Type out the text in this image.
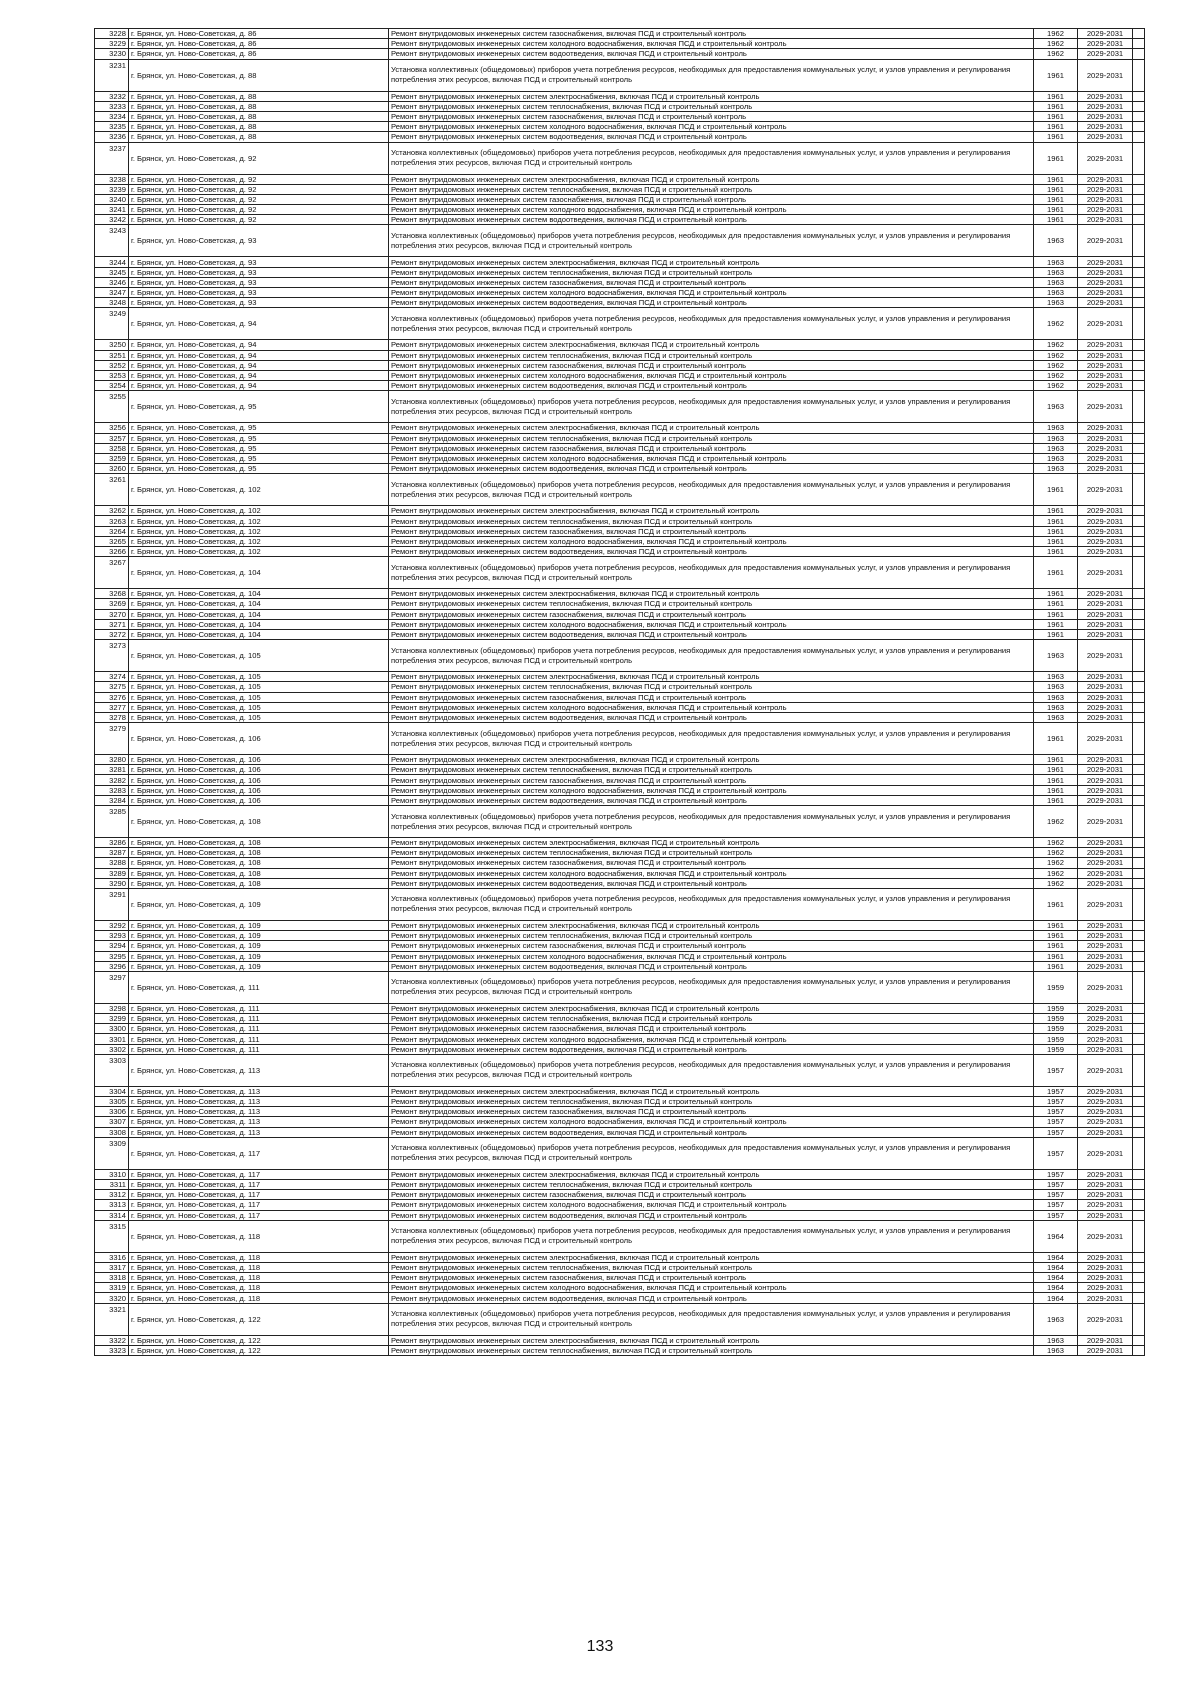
3228	г. Брянск, ул. Ново-Советская, д. 86	Ремонт внутридомовых инженерных систем газоснабжения, включая ПСД и строительный контроль	1962	2029-2031	
3229	г. Брянск, ул. Ново-Советская, д. 86	Ремонт внутридомовых инженерных систем холодного водоснабжения, включая ПСД и строительный контроль	1962	2029-2031	
3230	г. Брянск, ул. Ново-Советская, д. 86	Ремонт внутридомовых инженерных систем водоотведения, включая ПСД и строительный контроль	1962	2029-2031	
3231	г. Брянск, ул. Ново-Советская, д. 88	Установка коллективных (общедомовых) приборов учета потребления ресурсов, необходимых для предоставления коммунальных услуг, и узлов управления и регулирования потребления этих ресурсов, включая ПСД и строительный контроль	1961	2029-2031	
3232	г. Брянск, ул. Ново-Советская, д. 88	Ремонт внутридомовых инженерных систем электроснабжения, включая ПСД и строительный контроль	1961	2029-2031	
3233	г. Брянск, ул. Ново-Советская, д. 88	Ремонт внутридомовых инженерных систем теплоснабжения, включая ПСД и строительный контроль	1961	2029-2031	
3234	г. Брянск, ул. Ново-Советская, д. 88	Ремонт внутридомовых инженерных систем газоснабжения, включая ПСД и строительный контроль	1961	2029-2031	
3235	г. Брянск, ул. Ново-Советская, д. 88	Ремонт внутридомовых инженерных систем холодного водоснабжения, включая ПСД и строительный контроль	1961	2029-2031	
3236	г. Брянск, ул. Ново-Советская, д. 88	Ремонт внутридомовых инженерных систем водоотведения, включая ПСД и строительный контроль	1961	2029-2031	
3237	г. Брянск, ул. Ново-Советская, д. 92	Установка коллективных (общедомовых) приборов учета потребления ресурсов, необходимых для предоставления коммунальных услуг, и узлов управления и регулирования потребления этих ресурсов, включая ПСД и строительный контроль	1961	2029-2031	
3238	г. Брянск, ул. Ново-Советская, д. 92	Ремонт внутридомовых инженерных систем электроснабжения, включая ПСД и строительный контроль	1961	2029-2031	
3239	г. Брянск, ул. Ново-Советская, д. 92	Ремонт внутридомовых инженерных систем теплоснабжения, включая ПСД и строительный контроль	1961	2029-2031	
3240	г. Брянск, ул. Ново-Советская, д. 92	Ремонт внутридомовых инженерных систем газоснабжения, включая ПСД и строительный контроль	1961	2029-2031	
3241	г. Брянск, ул. Ново-Советская, д. 92	Ремонт внутридомовых инженерных систем холодного водоснабжения, включая ПСД и строительный контроль	1961	2029-2031	
3242	г. Брянск, ул. Ново-Советская, д. 92	Ремонт внутридомовых инженерных систем водоотведения, включая ПСД и строительный контроль	1961	2029-2031	
3243	г. Брянск, ул. Ново-Советская, д. 93	Установка коллективных (общедомовых) приборов учета потребления ресурсов, необходимых для предоставления коммунальных услуг, и узлов управления и регулирования потребления этих ресурсов, включая ПСД и строительный контроль	1963	2029-2031	
3244	г. Брянск, ул. Ново-Советская, д. 93	Ремонт внутридомовых инженерных систем электроснабжения, включая ПСД и строительный контроль	1963	2029-2031	
3245	г. Брянск, ул. Ново-Советская, д. 93	Ремонт внутридомовых инженерных систем теплоснабжения, включая ПСД и строительный контроль	1963	2029-2031	
3246	г. Брянск, ул. Ново-Советская, д. 93	Ремонт внутридомовых инженерных систем газоснабжения, включая ПСД и строительный контроль	1963	2029-2031	
3247	г. Брянск, ул. Ново-Советская, д. 93	Ремонт внутридомовых инженерных систем холодного водоснабжения, включая ПСД и строительный контроль	1963	2029-2031	
3248	г. Брянск, ул. Ново-Советская, д. 93	Ремонт внутридомовых инженерных систем водоотведения, включая ПСД и строительный контроль	1963	2029-2031	
3249	г. Брянск, ул. Ново-Советская, д. 94	Установка коллективных (общедомовых) приборов учета потребления ресурсов, необходимых для предоставления коммунальных услуг, и узлов управления и регулирования потребления этих ресурсов, включая ПСД и строительный контроль	1962	2029-2031	
3250	г. Брянск, ул. Ново-Советская, д. 94	Ремонт внутридомовых инженерных систем электроснабжения, включая ПСД и строительный контроль	1962	2029-2031	
3251	г. Брянск, ул. Ново-Советская, д. 94	Ремонт внутридомовых инженерных систем теплоснабжения, включая ПСД и строительный контроль	1962	2029-2031	
3252	г. Брянск, ул. Ново-Советская, д. 94	Ремонт внутридомовых инженерных систем газоснабжения, включая ПСД и строительный контроль	1962	2029-2031	
3253	г. Брянск, ул. Ново-Советская, д. 94	Ремонт внутридомовых инженерных систем холодного водоснабжения, включая ПСД и строительный контроль	1962	2029-2031	
3254	г. Брянск, ул. Ново-Советская, д. 94	Ремонт внутридомовых инженерных систем водоотведения, включая ПСД и строительный контроль	1962	2029-2031	
3255	г. Брянск, ул. Ново-Советская, д. 95	Установка коллективных (общедомовых) приборов учета потребления ресурсов, необходимых для предоставления коммунальных услуг, и узлов управления и регулирования потребления этих ресурсов, включая ПСД и строительный контроль	1963	2029-2031	
3256	г. Брянск, ул. Ново-Советская, д. 95	Ремонт внутридомовых инженерных систем электроснабжения, включая ПСД и строительный контроль	1963	2029-2031	
3257	г. Брянск, ул. Ново-Советская, д. 95	Ремонт внутридомовых инженерных систем теплоснабжения, включая ПСД и строительный контроль	1963	2029-2031	
3258	г. Брянск, ул. Ново-Советская, д. 95	Ремонт внутридомовых инженерных систем газоснабжения, включая ПСД и строительный контроль	1963	2029-2031	
3259	г. Брянск, ул. Ново-Советская, д. 95	Ремонт внутридомовых инженерных систем холодного водоснабжения, включая ПСД и строительный контроль	1963	2029-2031	
3260	г. Брянск, ул. Ново-Советская, д. 95	Ремонт внутридомовых инженерных систем водоотведения, включая ПСД и строительный контроль	1963	2029-2031	
3261	г. Брянск, ул. Ново-Советская, д. 102	Установка коллективных (общедомовых) приборов учета потребления ресурсов, необходимых для предоставления коммунальных услуг, и узлов управления и регулирования потребления этих ресурсов, включая ПСД и строительный контроль	1961	2029-2031	
3262	г. Брянск, ул. Ново-Советская, д. 102	Ремонт внутридомовых инженерных систем электроснабжения, включая ПСД и строительный контроль	1961	2029-2031	
3263	г. Брянск, ул. Ново-Советская, д. 102	Ремонт внутридомовых инженерных систем теплоснабжения, включая ПСД и строительный контроль	1961	2029-2031	
3264	г. Брянск, ул. Ново-Советская, д. 102	Ремонт внутридомовых инженерных систем газоснабжения, включая ПСД и строительный контроль	1961	2029-2031	
3265	г. Брянск, ул. Ново-Советская, д. 102	Ремонт внутридомовых инженерных систем холодного водоснабжения, включая ПСД и строительный контроль	1961	2029-2031	
3266	г. Брянск, ул. Ново-Советская, д. 102	Ремонт внутридомовых инженерных систем водоотведения, включая ПСД и строительный контроль	1961	2029-2031	
3267	г. Брянск, ул. Ново-Советская, д. 104	Установка коллективных (общедомовых) приборов учета потребления ресурсов, необходимых для предоставления коммунальных услуг, и узлов управления и регулирования потребления этих ресурсов, включая ПСД и строительный контроль	1961	2029-2031	
3268	г. Брянск, ул. Ново-Советская, д. 104	Ремонт внутридомовых инженерных систем электроснабжения, включая ПСД и строительный контроль	1961	2029-2031	
3269	г. Брянск, ул. Ново-Советская, д. 104	Ремонт внутридомовых инженерных систем теплоснабжения, включая ПСД и строительный контроль	1961	2029-2031	
3270	г. Брянск, ул. Ново-Советская, д. 104	Ремонт внутридомовых инженерных систем газоснабжения, включая ПСД и строительный контроль	1961	2029-2031	
3271	г. Брянск, ул. Ново-Советская, д. 104	Ремонт внутридомовых инженерных систем холодного водоснабжения, включая ПСД и строительный контроль	1961	2029-2031	
3272	г. Брянск, ул. Ново-Советская, д. 104	Ремонт внутридомовых инженерных систем водоотведения, включая ПСД и строительный контроль	1961	2029-2031	
3273	г. Брянск, ул. Ново-Советская, д. 105	Установка коллективных (общедомовых) приборов учета потребления ресурсов, необходимых для предоставления коммунальных услуг, и узлов управления и регулирования потребления этих ресурсов, включая ПСД и строительный контроль	1963	2029-2031	
3274	г. Брянск, ул. Ново-Советская, д. 105	Ремонт внутридомовых инженерных систем электроснабжения, включая ПСД и строительный контроль	1963	2029-2031	
3275	г. Брянск, ул. Ново-Советская, д. 105	Ремонт внутридомовых инженерных систем теплоснабжения, включая ПСД и строительный контроль	1963	2029-2031	
3276	г. Брянск, ул. Ново-Советская, д. 105	Ремонт внутридомовых инженерных систем газоснабжения, включая ПСД и строительный контроль	1963	2029-2031	
3277	г. Брянск, ул. Ново-Советская, д. 105	Ремонт внутридомовых инженерных систем холодного водоснабжения, включая ПСД и строительный контроль	1963	2029-2031	
3278	г. Брянск, ул. Ново-Советская, д. 105	Ремонт внутридомовых инженерных систем водоотведения, включая ПСД и строительный контроль	1963	2029-2031	
3279	г. Брянск, ул. Ново-Советская, д. 106	Установка коллективных (общедомовых) приборов учета потребления ресурсов, необходимых для предоставления коммунальных услуг, и узлов управления и регулирования потребления этих ресурсов, включая ПСД и строительный контроль	1961	2029-2031	
3280	г. Брянск, ул. Ново-Советская, д. 106	Ремонт внутридомовых инженерных систем электроснабжения, включая ПСД и строительный контроль	1961	2029-2031	
3281	г. Брянск, ул. Ново-Советская, д. 106	Ремонт внутридомовых инженерных систем теплоснабжения, включая ПСД и строительный контроль	1961	2029-2031	
3282	г. Брянск, ул. Ново-Советская, д. 106	Ремонт внутридомовых инженерных систем газоснабжения, включая ПСД и строительный контроль	1961	2029-2031	
3283	г. Брянск, ул. Ново-Советская, д. 106	Ремонт внутридомовых инженерных систем холодного водоснабжения, включая ПСД и строительный контроль	1961	2029-2031	
3284	г. Брянск, ул. Ново-Советская, д. 106	Ремонт внутридомовых инженерных систем водоотведения, включая ПСД и строительный контроль	1961	2029-2031	
3285	г. Брянск, ул. Ново-Советская, д. 108	Установка коллективных (общедомовых) приборов учета потребления ресурсов, необходимых для предоставления коммунальных услуг, и узлов управления и регулирования потребления этих ресурсов, включая ПСД и строительный контроль	1962	2029-2031	
3286	г. Брянск, ул. Ново-Советская, д. 108	Ремонт внутридомовых инженерных систем электроснабжения, включая ПСД и строительный контроль	1962	2029-2031	
3287	г. Брянск, ул. Ново-Советская, д. 108	Ремонт внутридомовых инженерных систем теплоснабжения, включая ПСД и строительный контроль	1962	2029-2031	
3288	г. Брянск, ул. Ново-Советская, д. 108	Ремонт внутридомовых инженерных систем газоснабжения, включая ПСД и строительный контроль	1962	2029-2031	
3289	г. Брянск, ул. Ново-Советская, д. 108	Ремонт внутридомовых инженерных систем холодного водоснабжения, включая ПСД и строительный контроль	1962	2029-2031	
3290	г. Брянск, ул. Ново-Советская, д. 108	Ремонт внутридомовых инженерных систем водоотведения, включая ПСД и строительный контроль	1962	2029-2031	
3291	г. Брянск, ул. Ново-Советская, д. 109	Установка коллективных (общедомовых) приборов учета потребления ресурсов, необходимых для предоставления коммунальных услуг, и узлов управления и регулирования потребления этих ресурсов, включая ПСД и строительный контроль	1961	2029-2031	
3292	г. Брянск, ул. Ново-Советская, д. 109	Ремонт внутридомовых инженерных систем электроснабжения, включая ПСД и строительный контроль	1961	2029-2031	
3293	г. Брянск, ул. Ново-Советская, д. 109	Ремонт внутридомовых инженерных систем теплоснабжения, включая ПСД и строительный контроль	1961	2029-2031	
3294	г. Брянск, ул. Ново-Советская, д. 109	Ремонт внутридомовых инженерных систем газоснабжения, включая ПСД и строительный контроль	1961	2029-2031	
3295	г. Брянск, ул. Ново-Советская, д. 109	Ремонт внутридомовых инженерных систем холодного водоснабжения, включая ПСД и строительный контроль	1961	2029-2031	
3296	г. Брянск, ул. Ново-Советская, д. 109	Ремонт внутридомовых инженерных систем водоотведения, включая ПСД и строительный контроль	1961	2029-2031	
3297	г. Брянск, ул. Ново-Советская, д. 111	Установка коллективных (общедомовых) приборов учета потребления ресурсов, необходимых для предоставления коммунальных услуг, и узлов управления и регулирования потребления этих ресурсов, включая ПСД и строительный контроль	1959	2029-2031	
3298	г. Брянск, ул. Ново-Советская, д. 111	Ремонт внутридомовых инженерных систем электроснабжения, включая ПСД и строительный контроль	1959	2029-2031	
3299	г. Брянск, ул. Ново-Советская, д. 111	Ремонт внутридомовых инженерных систем теплоснабжения, включая ПСД и строительный контроль	1959	2029-2031	
3300	г. Брянск, ул. Ново-Советская, д. 111	Ремонт внутридомовых инженерных систем газоснабжения, включая ПСД и строительный контроль	1959	2029-2031	
3301	г. Брянск, ул. Ново-Советская, д. 111	Ремонт внутридомовых инженерных систем холодного водоснабжения, включая ПСД и строительный контроль	1959	2029-2031	
3302	г. Брянск, ул. Ново-Советская, д. 111	Ремонт внутридомовых инженерных систем водоотведения, включая ПСД и строительный контроль	1959	2029-2031	
3303	г. Брянск, ул. Ново-Советская, д. 113	Установка коллективных (общедомовых) приборов учета потребления ресурсов, необходимых для предоставления коммунальных услуг, и узлов управления и регулирования потребления этих ресурсов, включая ПСД и строительный контроль	1957	2029-2031	
3304	г. Брянск, ул. Ново-Советская, д. 113	Ремонт внутридомовых инженерных систем электроснабжения, включая ПСД и строительный контроль	1957	2029-2031	
3305	г. Брянск, ул. Ново-Советская, д. 113	Ремонт внутридомовых инженерных систем теплоснабжения, включая ПСД и строительный контроль	1957	2029-2031	
3306	г. Брянск, ул. Ново-Советская, д. 113	Ремонт внутридомовых инженерных систем газоснабжения, включая ПСД и строительный контроль	1957	2029-2031	
3307	г. Брянск, ул. Ново-Советская, д. 113	Ремонт внутридомовых инженерных систем холодного водоснабжения, включая ПСД и строительный контроль	1957	2029-2031	
3308	г. Брянск, ул. Ново-Советская, д. 113	Ремонт внутридомовых инженерных систем водоотведения, включая ПСД и строительный контроль	1957	2029-2031	
3309	г. Брянск, ул. Ново-Советская, д. 117	Установка коллективных (общедомовых) приборов учета потребления ресурсов, необходимых для предоставления коммунальных услуг, и узлов управления и регулирования потребления этих ресурсов, включая ПСД и строительный контроль	1957	2029-2031	
3310	г. Брянск, ул. Ново-Советская, д. 117	Ремонт внутридомовых инженерных систем электроснабжения, включая ПСД и строительный контроль	1957	2029-2031	
3311	г. Брянск, ул. Ново-Советская, д. 117	Ремонт внутридомовых инженерных систем теплоснабжения, включая ПСД и строительный контроль	1957	2029-2031	
3312	г. Брянск, ул. Ново-Советская, д. 117	Ремонт внутридомовых инженерных систем газоснабжения, включая ПСД и строительный контроль	1957	2029-2031	
3313	г. Брянск, ул. Ново-Советская, д. 117	Ремонт внутридомовых инженерных систем холодного водоснабжения, включая ПСД и строительный контроль	1957	2029-2031	
3314	г. Брянск, ул. Ново-Советская, д. 117	Ремонт внутридомовых инженерных систем водоотведения, включая ПСД и строительный контроль	1957	2029-2031	
3315	г. Брянск, ул. Ново-Советская, д. 118	Установка коллективных (общедомовых) приборов учета потребления ресурсов, необходимых для предоставления коммунальных услуг, и узлов управления и регулирования потребления этих ресурсов, включая ПСД и строительный контроль	1964	2029-2031	
3316	г. Брянск, ул. Ново-Советская, д. 118	Ремонт внутридомовых инженерных систем электроснабжения, включая ПСД и строительный контроль	1964	2029-2031	
3317	г. Брянск, ул. Ново-Советская, д. 118	Ремонт внутридомовых инженерных систем теплоснабжения, включая ПСД и строительный контроль	1964	2029-2031	
3318	г. Брянск, ул. Ново-Советская, д. 118	Ремонт внутридомовых инженерных систем газоснабжения, включая ПСД и строительный контроль	1964	2029-2031	
3319	г. Брянск, ул. Ново-Советская, д. 118	Ремонт внутридомовых инженерных систем холодного водоснабжения, включая ПСД и строительный контроль	1964	2029-2031	
3320	г. Брянск, ул. Ново-Советская, д. 118	Ремонт внутридомовых инженерных систем водоотведения, включая ПСД и строительный контроль	1964	2029-2031	
3321	г. Брянск, ул. Ново-Советская, д. 122	Установка коллективных (общедомовых) приборов учета потребления ресурсов, необходимых для предоставления коммунальных услуг, и узлов управления и регулирования потребления этих ресурсов, включая ПСД и строительный контроль	1963	2029-2031	
3322	г. Брянск, ул. Ново-Советская, д. 122	Ремонт внутридомовых инженерных систем электроснабжения, включая ПСД и строительный контроль	1963	2029-2031	
3323	г. Брянск, ул. Ново-Советская, д. 122	Ремонт внутридомовых инженерных систем теплоснабжения, включая ПСД и строительный контроль	1963	2029-2031	
133
